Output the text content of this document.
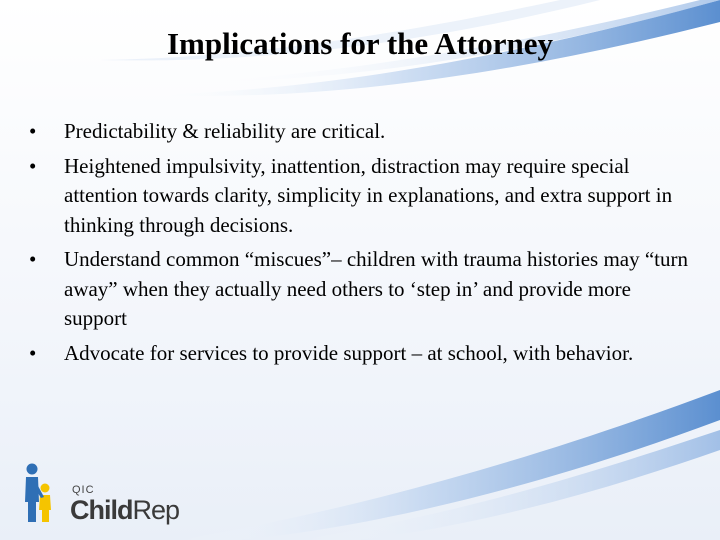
Implications for the Attorney
• Predictability & reliability are critical.
• Heightened impulsivity, inattention, distraction may require special attention towards clarity, simplicity in explanations, and extra support in thinking through decisions.
• Understand common “miscues”– children with trauma histories may “turn away” when they actually need others to ‘step in’ and provide more support
• Advocate for services to provide support – at school, with behavior.
QIC
ChildRep
